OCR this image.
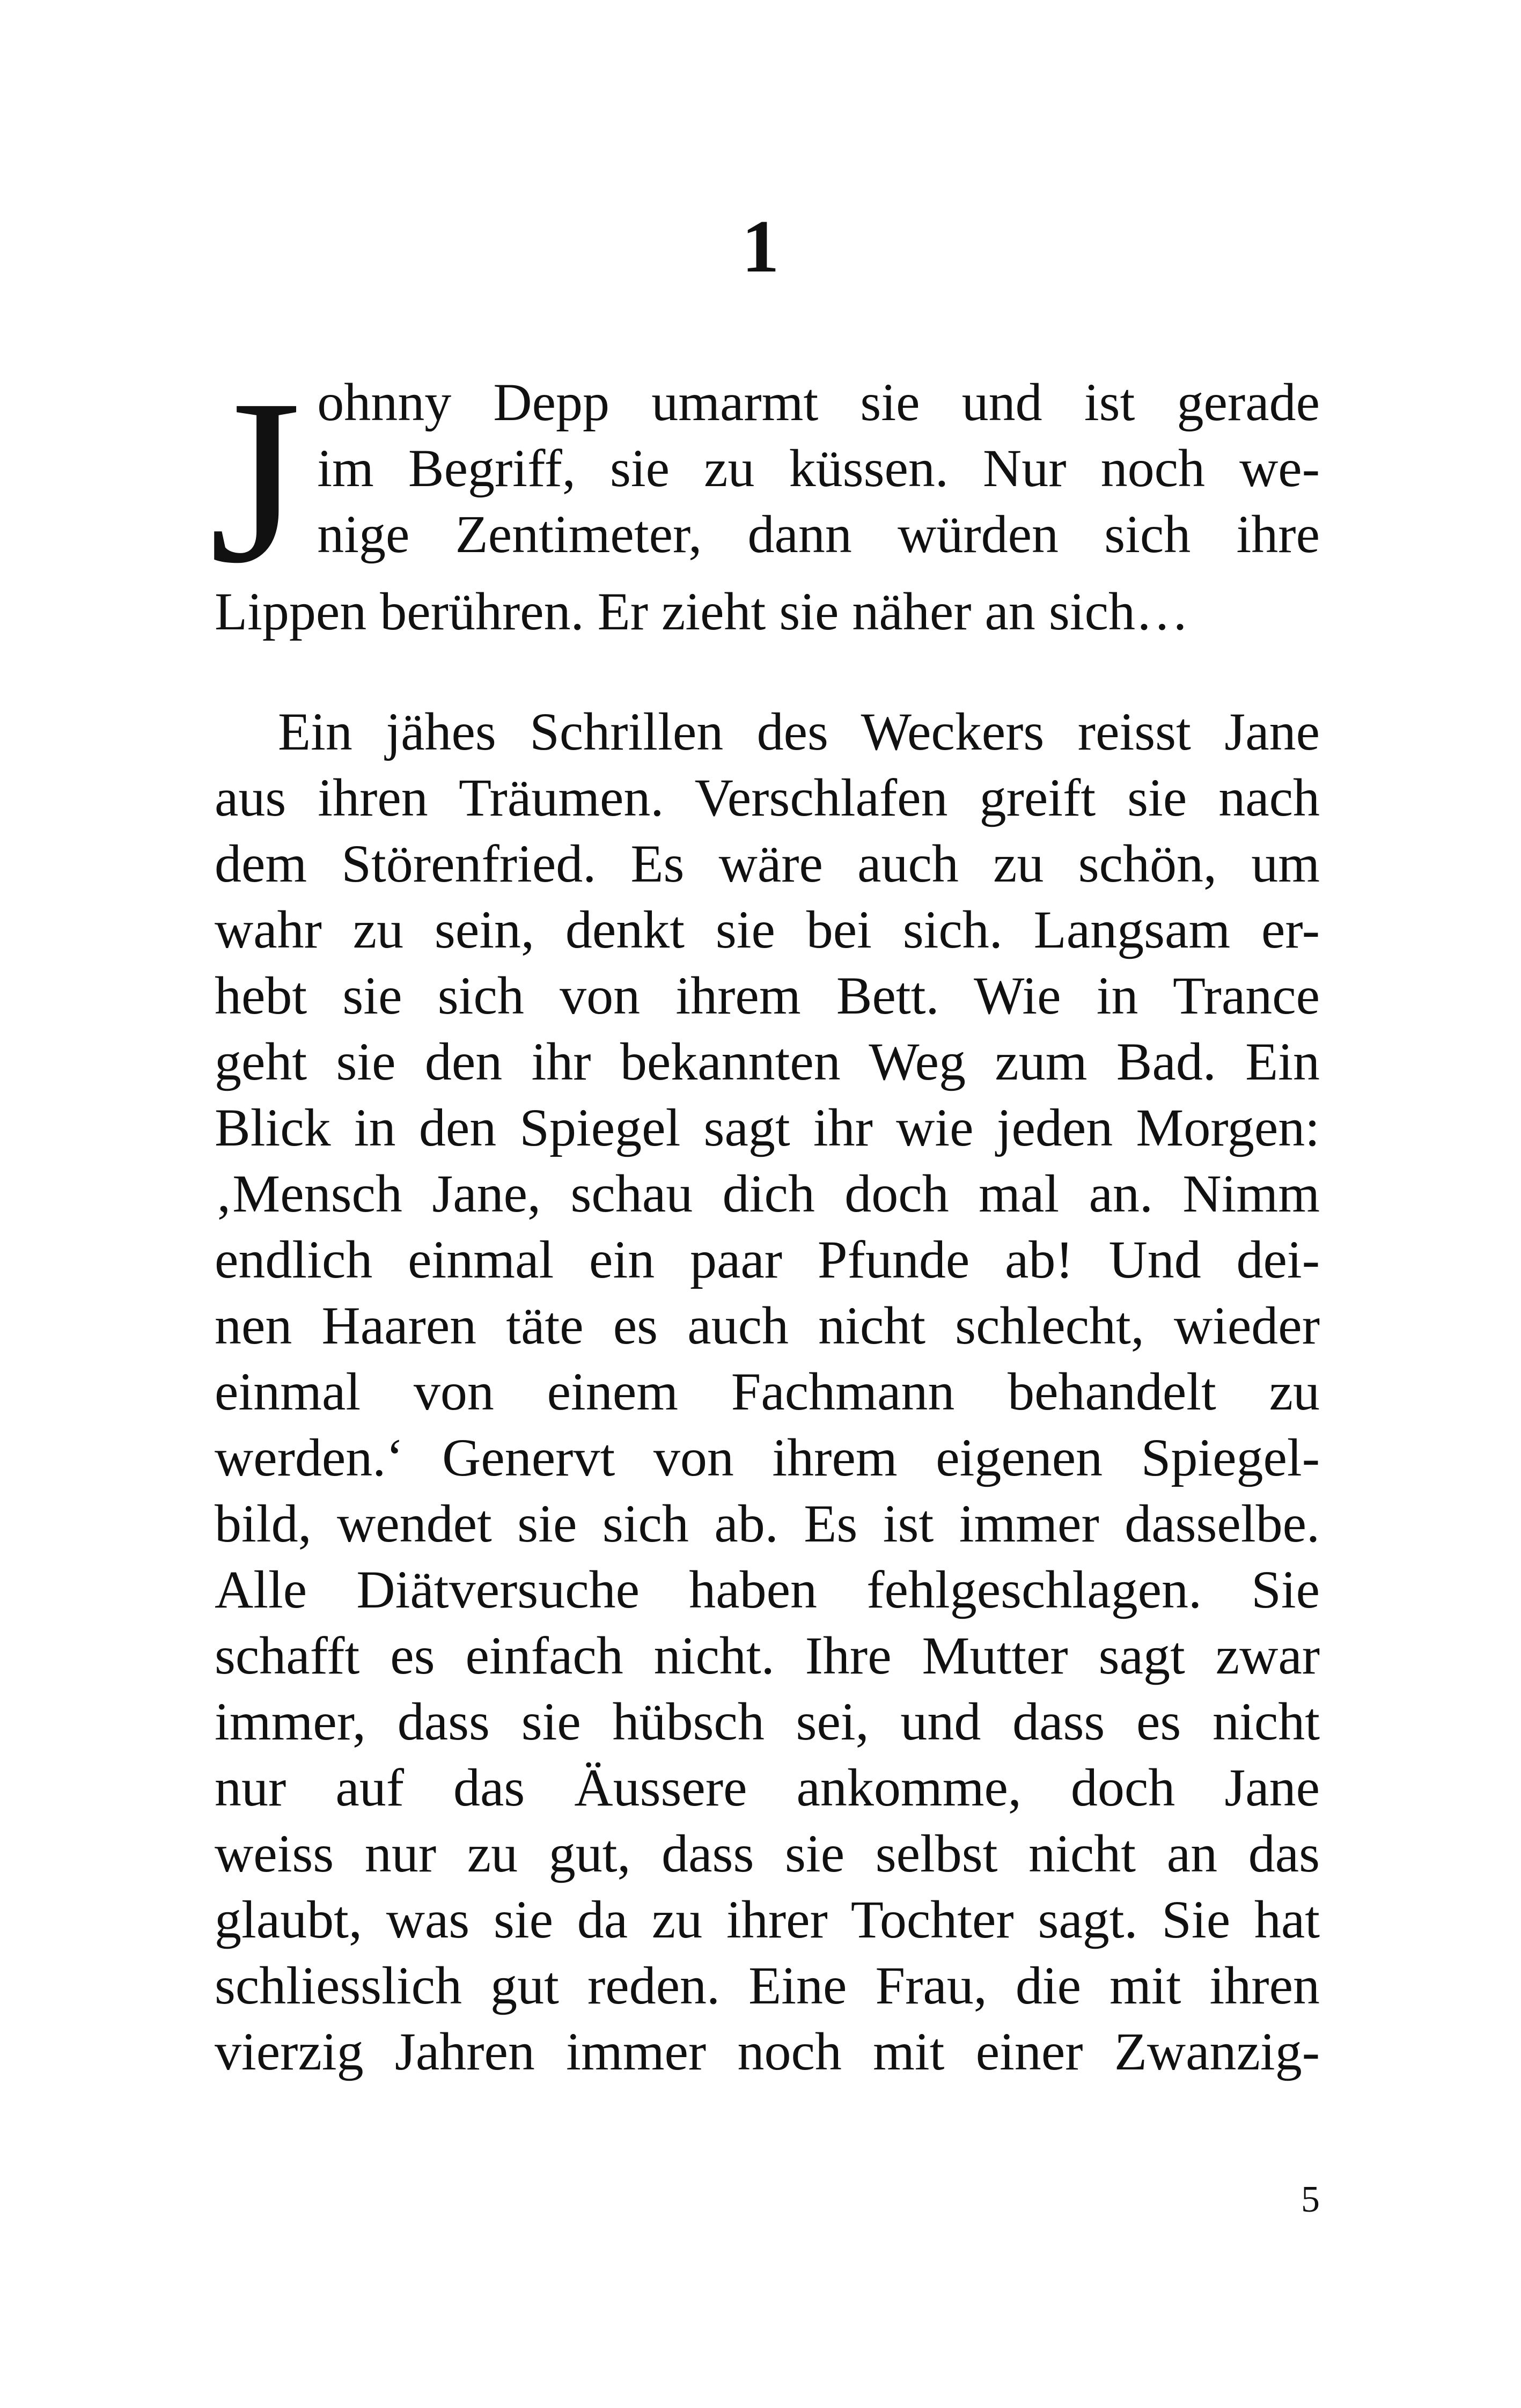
1
J ohnny Depp umarmt sie und ist gerade
im Begriff, sie zu küssen. Nur noch we-
nige Zentimeter, dann würden sich ihre
Lippen berühren. Er zieht sie näher an sich…
Ein jähes Schrillen des Weckers reisst Jane
aus ihren Träumen. Verschlafen greift sie nach
dem Störenfried. Es wäre auch zu schön, um
wahr zu sein, denkt sie bei sich. Langsam er-
hebt sie sich von ihrem Bett. Wie in Trance
geht sie den ihr bekannten Weg zum Bad. Ein
Blick in den Spiegel sagt ihr wie jeden Morgen:
‚Mensch Jane, schau dich doch mal an. Nimm
endlich einmal ein paar Pfunde ab! Und dei-
nen Haaren täte es auch nicht schlecht, wieder
einmal von einem Fachmann behandelt zu
werden.‘ Genervt von ihrem eigenen Spiegel-
bild, wendet sie sich ab. Es ist immer dasselbe.
Alle Diätversuche haben fehlgeschlagen. Sie
schafft es einfach nicht. Ihre Mutter sagt zwar
immer, dass sie hübsch sei, und dass es nicht
nur auf das Äussere ankomme, doch Jane
weiss nur zu gut, dass sie selbst nicht an das
glaubt, was sie da zu ihrer Tochter sagt. Sie hat
schliesslich gut reden. Eine Frau, die mit ihren
vierzig Jahren immer noch mit einer Zwanzig-
5
